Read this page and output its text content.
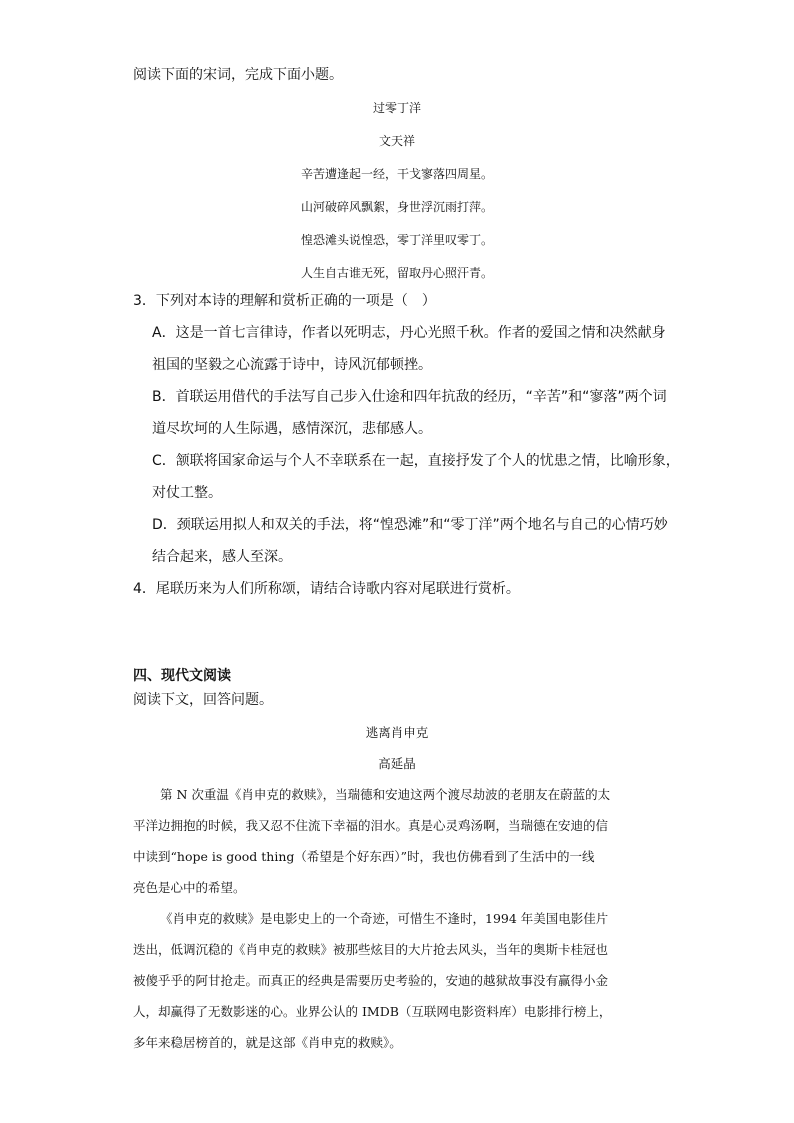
阅读下面的宋词，完成下面小题。
过零丁洋
文天祥
辛苦遭逢起一经，干戈寥落四周星。
山河破碎风飘絮，身世浮沉雨打萍。
惶恐滩头说惶恐，零丁洋里叹零丁。
人生自古谁无死，留取丹心照汗青。
3．下列对本诗的理解和赏析正确的一项是（　）
A．这是一首七言律诗，作者以死明志，丹心光照千秋。作者的爱国之情和决然献身
祖国的坚毅之心流露于诗中，诗风沉郁顿挫。
B．首联运用借代的手法写自己步入仕途和四年抗敌的经历，“辛苦”和“寥落”两个词
道尽坎坷的人生际遇，感情深沉，悲郁感人。
C．颔联将国家命运与个人不幸联系在一起，直接抒发了个人的忧患之情，比喻形象，
对仗工整。
D．颈联运用拟人和双关的手法，将“惶恐滩”和“零丁洋”两个地名与自己的心情巧妙
结合起来，感人至深。
4．尾联历来为人们所称颂，请结合诗歌内容对尾联进行赏析。
四、现代文阅读
阅读下文，回答问题。
逃离肖申克
高延晶
第 N 次重温《肖申克的救赎》，当瑞德和安迪这两个渡尽劫波的老朋友在蔚蓝的太
平洋边拥抱的时候，我又忍不住流下幸福的泪水。真是心灵鸡汤啊，当瑞德在安迪的信
中读到“hope is good thing（希望是个好东西）”时，我也仿佛看到了生活中的一线
亮色是心中的希望。
《肖申克的救赎》是电影史上的一个奇迹，可惜生不逢时，1994 年美国电影佳片
迭出，低调沉稳的《肖申克的救赎》被那些炫目的大片抢去风头，当年的奥斯卡桂冠也
被傻乎乎的阿甘抢走。而真正的经典是需要历史考验的，安迪的越狱故事没有赢得小金
人，却赢得了无数影迷的心。业界公认的 IMDB（互联网电影资料库）电影排行榜上，
多年来稳居榜首的，就是这部《肖申克的救赎》。
